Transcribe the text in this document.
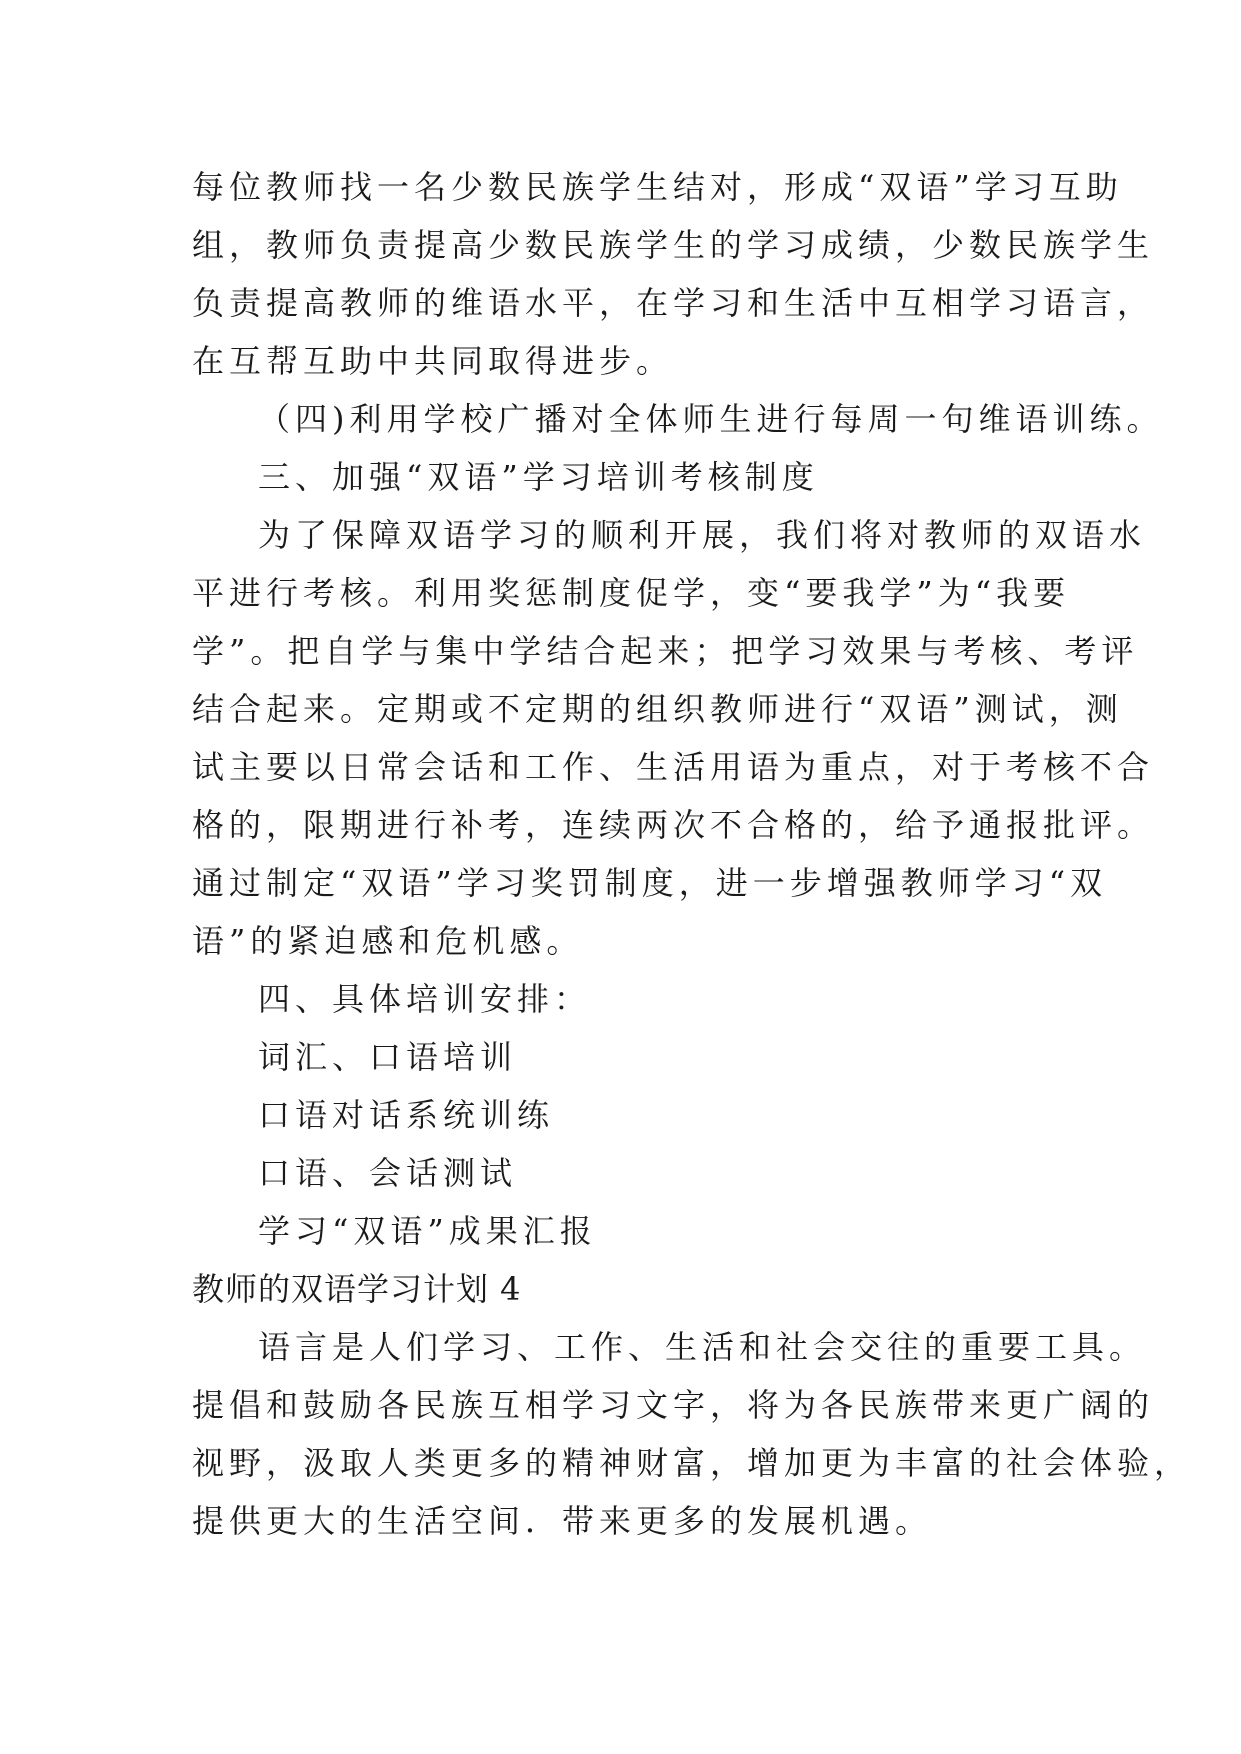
每位教师找一名少数民族学生结对，形成“双语”学习互助

组，教师负责提高少数民族学生的学习成绩，少数民族学生

负责提高教师的维语水平，在学习和生活中互相学习语言，

在互帮互助中共同取得进步。

（四)利用学校广播对全体师生进行每周一句维语训练。

三、加强“双语”学习培训考核制度

为了保障双语学习的顺利开展，我们将对教师的双语水

平进行考核。利用奖惩制度促学，变“要我学”为“我要

学”。把自学与集中学结合起来；把学习效果与考核、考评

结合起来。定期或不定期的组织教师进行“双语”测试，测

试主要以日常会话和工作、生活用语为重点，对于考核不合

格的，限期进行补考，连续两次不合格的，给予通报批评。

通过制定“双语”学习奖罚制度，进一步增强教师学习“双

语”的紧迫感和危机感。

四、具体培训安排：

词汇、口语培训

口语对话系统训练

口语、会话测试

学习“双语”成果汇报

教师的双语学习计划 4

语言是人们学习、工作、生活和社会交往的重要工具。

提倡和鼓励各民族互相学习文字，将为各民族带来更广阔的

视野，汲取人类更多的精神财富，增加更为丰富的社会体验，

提供更大的生活空间．带来更多的发展机遇。
